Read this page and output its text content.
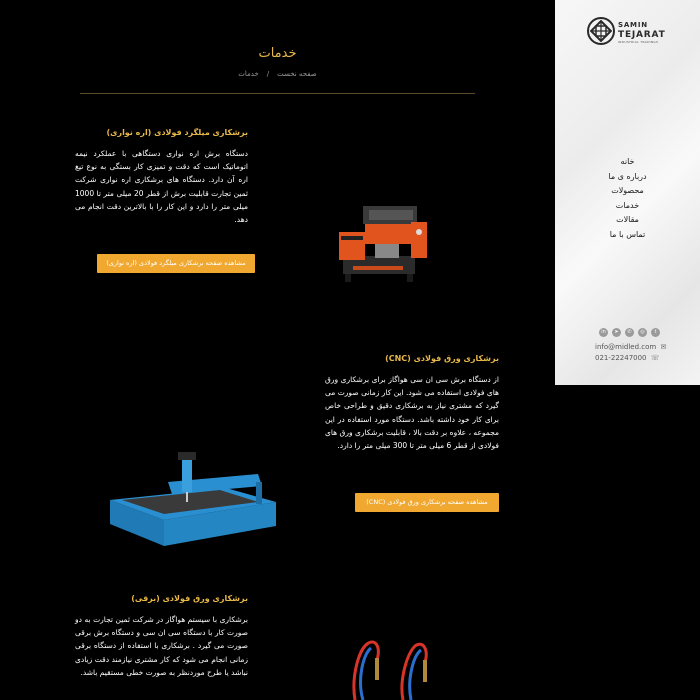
خدمات
صفحه نخست/خدمات
برشکاری میلگرد فولادی (اره نواری)

دستگاه برش اره نواری دستگاهی با عملکرد نیمه اتوماتیک است که دقت و تمیزی کار بستگی به نوع تیغ اره آن دارد. دستگاه های برشکاری اره نواری شرکت ثمین تجارت قابلیت برش از قطر 20 میلی متر تا 1000 میلی متر را دارد و این کار را با بالاترین دقت انجام می دهد.

مشاهده صفحه برشکاری میلگرد فولادی (اره نواری)
برشکاری ورق فولادی (CNC)

از دستگاه برش سی ان سی هواگاز برای برشکاری ورق های فولادی استفاده می شود. این کار زمانی صورت می گیرد که مشتری نیاز به برشکاری دقیق و طراحی خاص برای کار خود داشته باشد. دستگاه مورد استفاده در این مجموعه ، علاوه بر دقت بالا ، قابلیت برشکاری ورق های فولادی از قطر 6 میلی متر تا 300 میلی متر را دارد.

مشاهده صفحه برشکاری ورق فولادی (CNC)
برشکاری ورق فولادی (برقی)

برشکاری با سیستم هواگاز در شرکت ثمین تجارت به دو صورت کار با دستگاه سی ان سی و دستگاه برش برقی صورت می گیرد . برشکاری با استفاده از دستگاه برقی زمانی انجام می شود که کار مشتری نیازمند دقت زیادی نباشد یا طرح موردنظر به صورت خطی مستقیم باشد.

SAMIN
TEJARAT
INDUSTRIAL TRADINGS
خانه
درباره ی ما
محصولات
خدمات
مقالات
تماس با ما
in ➤ ✆ ◎ t
info@midled.com ✉
021-22247000 ☏
